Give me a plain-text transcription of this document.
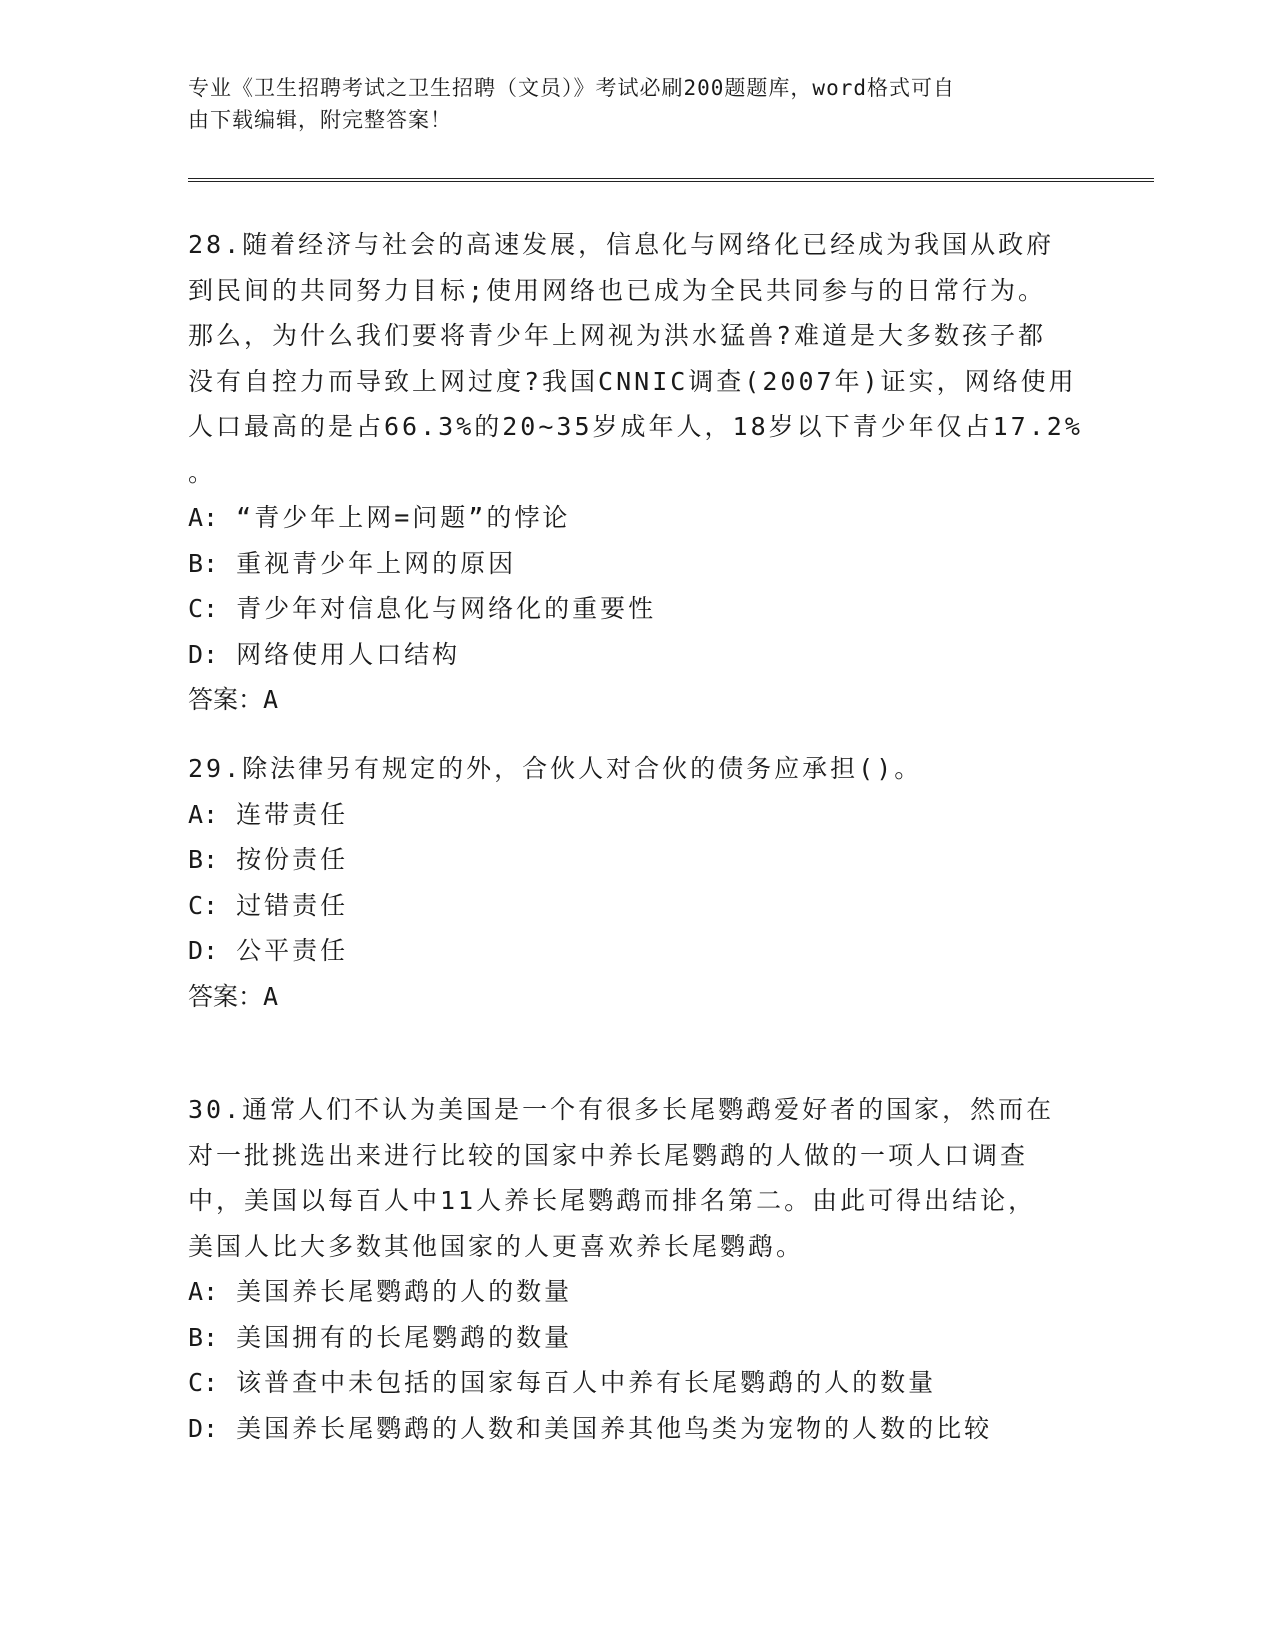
专业《卫生招聘考试之卫生招聘（文员）》考试必刷200题题库，word格式可自
由下载编辑，附完整答案！
28.随着经济与社会的高速发展，信息化与网络化已经成为我国从政府
到民间的共同努力目标;使用网络也已成为全民共同参与的日常行为。
那么，为什么我们要将青少年上网视为洪水猛兽?难道是大多数孩子都
没有自控力而导致上网过度?我国CNNIC调查(2007年)证实，网络使用
人口最高的是占66.3%的20~35岁成年人，18岁以下青少年仅占17.2%
。
A: “青少年上网=问题”的悖论
B: 重视青少年上网的原因
C: 青少年对信息化与网络化的重要性
D: 网络使用人口结构
答案：A
29.除法律另有规定的外，合伙人对合伙的债务应承担()。
A: 连带责任
B: 按份责任
C: 过错责任
D: 公平责任
答案：A
30.通常人们不认为美国是一个有很多长尾鹦鹉爱好者的国家，然而在
对一批挑选出来进行比较的国家中养长尾鹦鹉的人做的一项人口调查
中，美国以每百人中11人养长尾鹦鹉而排名第二。由此可得出结论，
美国人比大多数其他国家的人更喜欢养长尾鹦鹉。
A: 美国养长尾鹦鹉的人的数量
B: 美国拥有的长尾鹦鹉的数量
C: 该普查中未包括的国家每百人中养有长尾鹦鹉的人的数量
D: 美国养长尾鹦鹉的人数和美国养其他鸟类为宠物的人数的比较
